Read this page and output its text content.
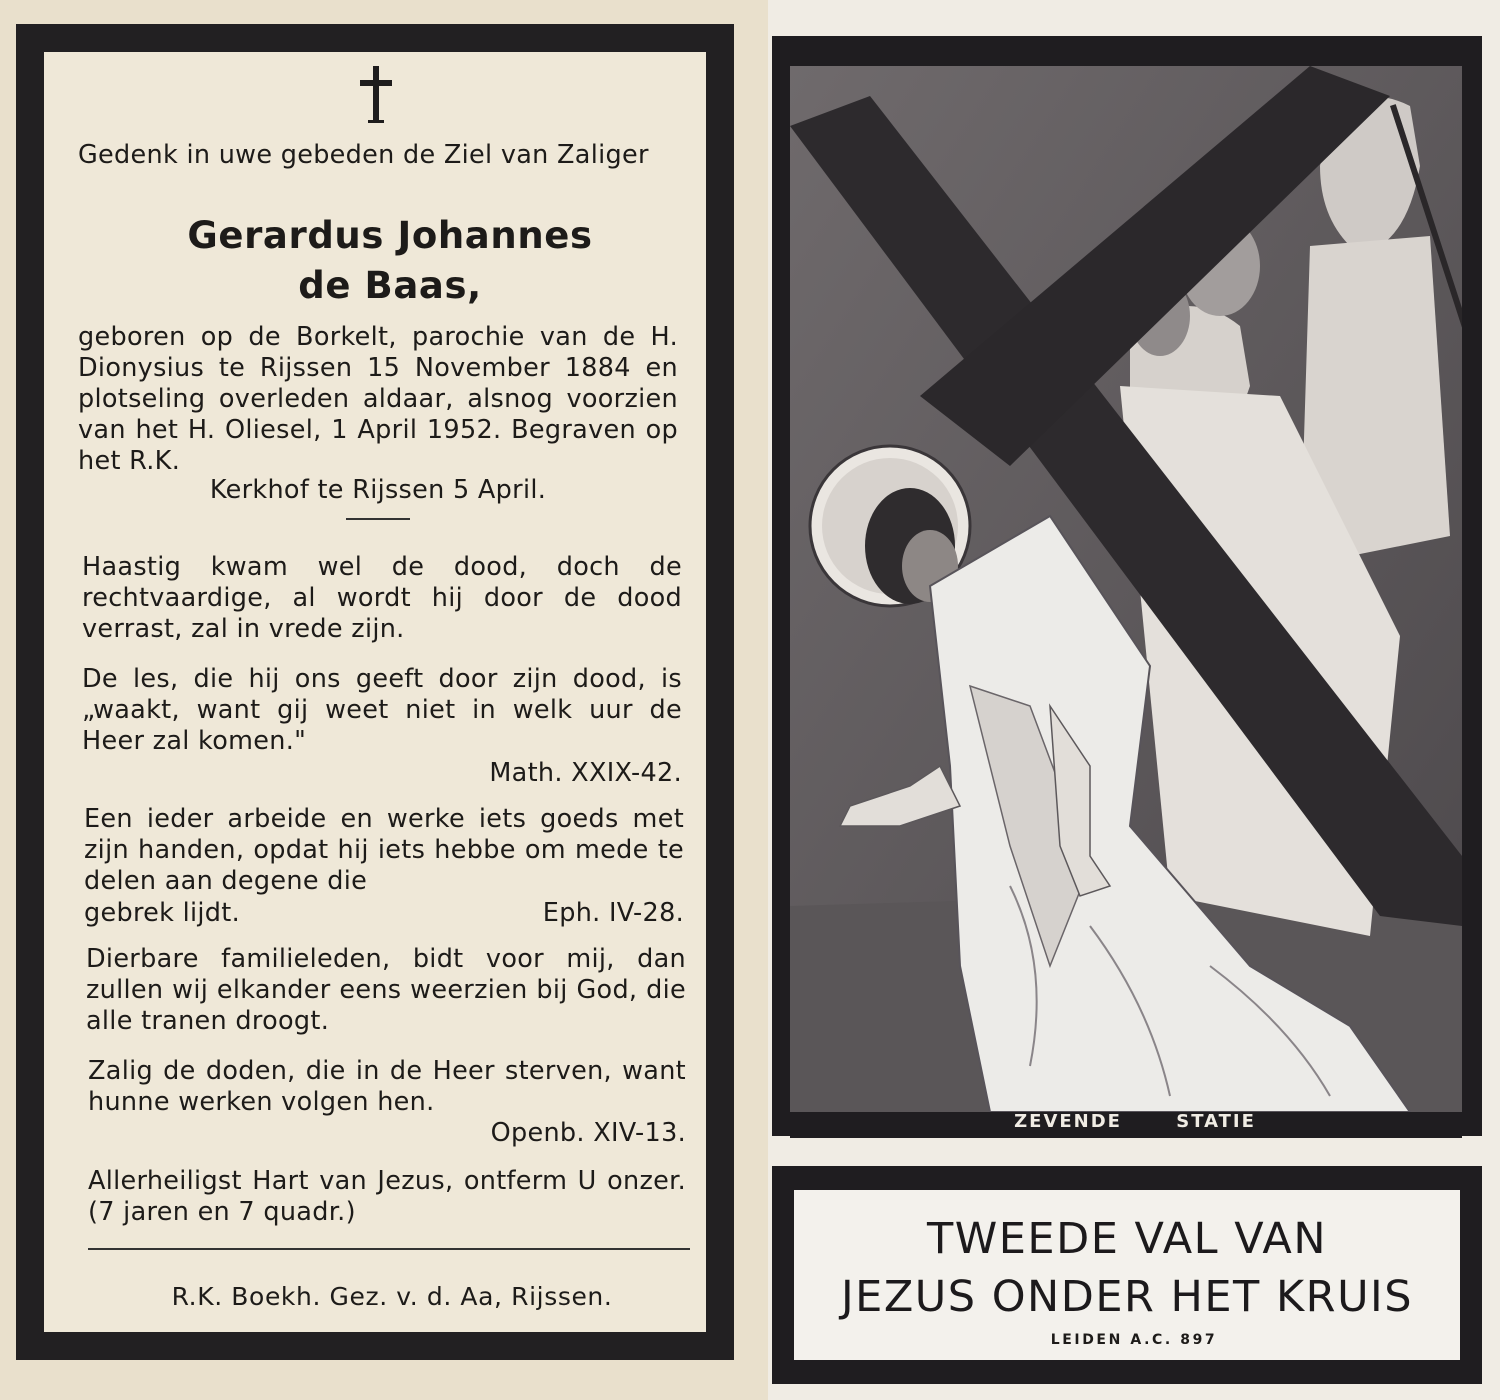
Gedenk in uwe gebeden de Ziel van Zaliger
Gerardus Johannes
de Baas,
geboren op de Borkelt, parochie van de H. Dionysius te Rijssen 15 November 1884 en plotseling overleden aldaar, alsnog voorzien van het H. Oliesel, 1 April 1952. Begraven op het R.K.
Kerkhof te Rijssen 5 April.
Haastig kwam wel de dood, doch de rechtvaardige, al wordt hij door de dood verrast, zal in vrede zijn.
De les, die hij ons geeft door zijn dood, is „waakt, want gij weet niet in welk uur de Heer zal komen."
Math. XXIX-42.
Een ieder arbeide en werke iets goeds met zijn handen, opdat hij iets hebbe om mede te delen aan degene die
gebrek lijdt.	Eph. IV-28.
Dierbare familieleden, bidt voor mij, dan zullen wij elkander eens weerzien bij God, die alle tranen droogt.
Zalig de doden, die in de Heer sterven, want hunne werken volgen hen.
Openb. XIV-13.
Allerheiligst Hart van Jezus, ontferm U onzer. (7 jaren en 7 quadr.)
R.K. Boekh. Gez. v. d. Aa, Rijssen.
ZEVENDE STATIE
TWEEDE VAL VAN
JEZUS ONDER HET KRUIS
LEIDEN A.C. 897
